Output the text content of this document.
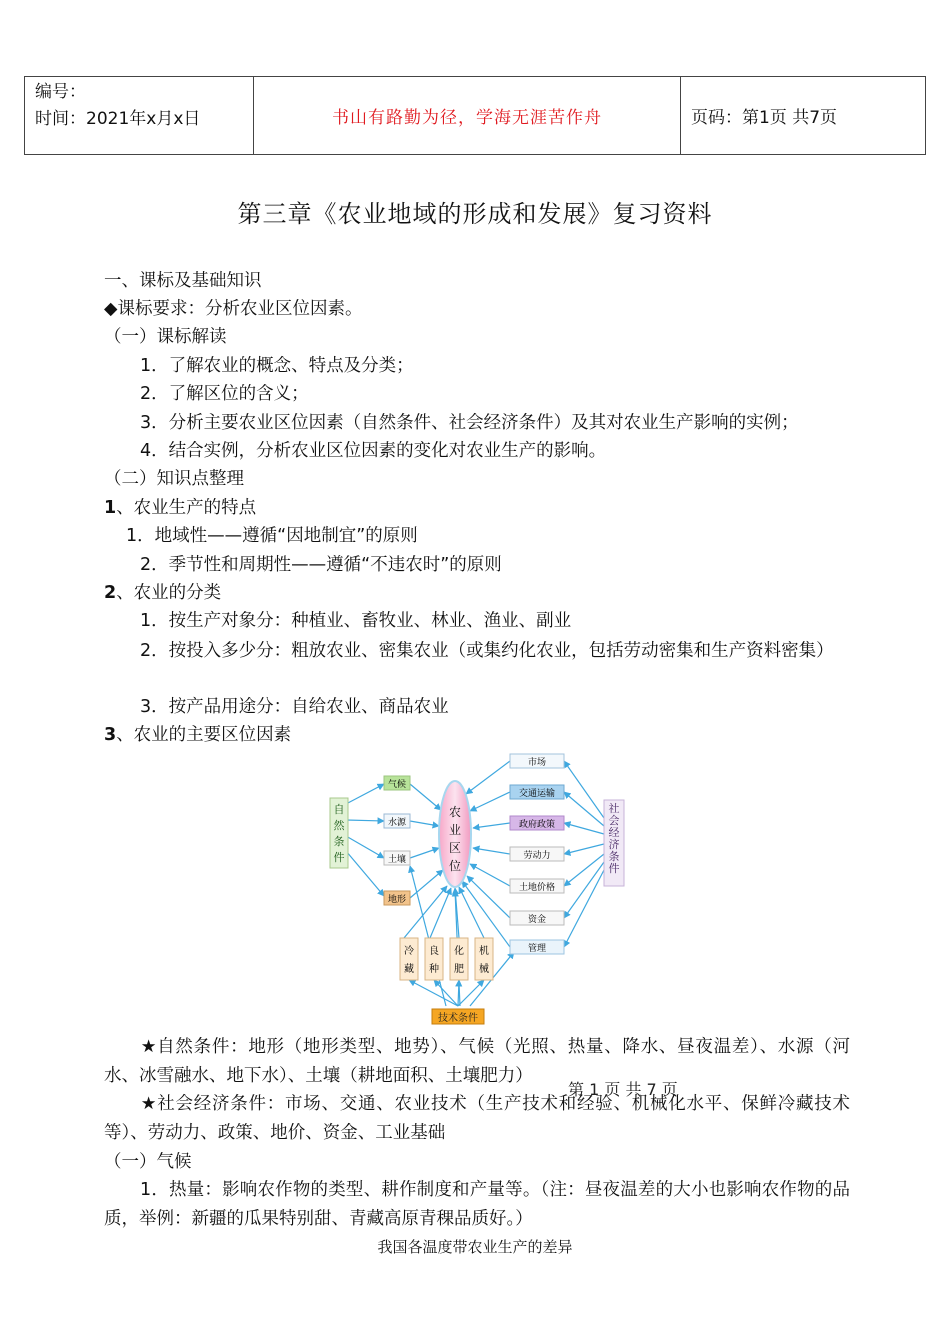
编号：
时间：2021年x月x日	书山有路勤为径，学海无涯苦作舟	页码：第1页 共7页
第三章《农业地域的形成和发展》复习资料
一、课标及基础知识
◆课标要求：分析农业区位因素。
（一）课标解读
1．了解农业的概念、特点及分类；
2．了解区位的含义；
3．分析主要农业区位因素（自然条件、社会经济条件）及其对农业生产影响的实例；
4．结合实例，分析农业区位因素的变化对农业生产的影响。
（二）知识点整理
1、农业生产的特点
1．地域性——遵循“因地制宜”的原则
2．季节性和周期性——遵循“不违农时”的原则
2、农业的分类
1．按生产对象分：种植业、畜牧业、林业、渔业、副业
2．按投入多少分：粗放农业、密集农业（或集约化农业，包括劳动密集和生产资料密集）
3．按产品用途分：自给农业、商品农业
3、农业的主要区位因素
农
业
区
位
自
然
条
件
气候
水源
土壤
地形
市场
交通运输
政府政策
劳动力
土地价格
资金
管理
社
会
经
济
条
件
冷
藏
良
种
化
肥
机
械
技术条件
★自然条件：地形（地形类型、地势）、气候（光照、热量、降水、昼夜温差）、水源（河水、冰雪融水、地下水）、土壤（耕地面积、土壤肥力）
第 1 页 共 7 页
★社会经济条件：市场、交通、农业技术（生产技术和经验、机械化水平、保鲜冷藏技术等）、劳动力、政策、地价、资金、工业基础
（一）气候
1．热量：影响农作物的类型、耕作制度和产量等。（注：昼夜温差的大小也影响农作物的品质，举例：新疆的瓜果特别甜、青藏高原青稞品质好。）
我国各温度带农业生产的差异
